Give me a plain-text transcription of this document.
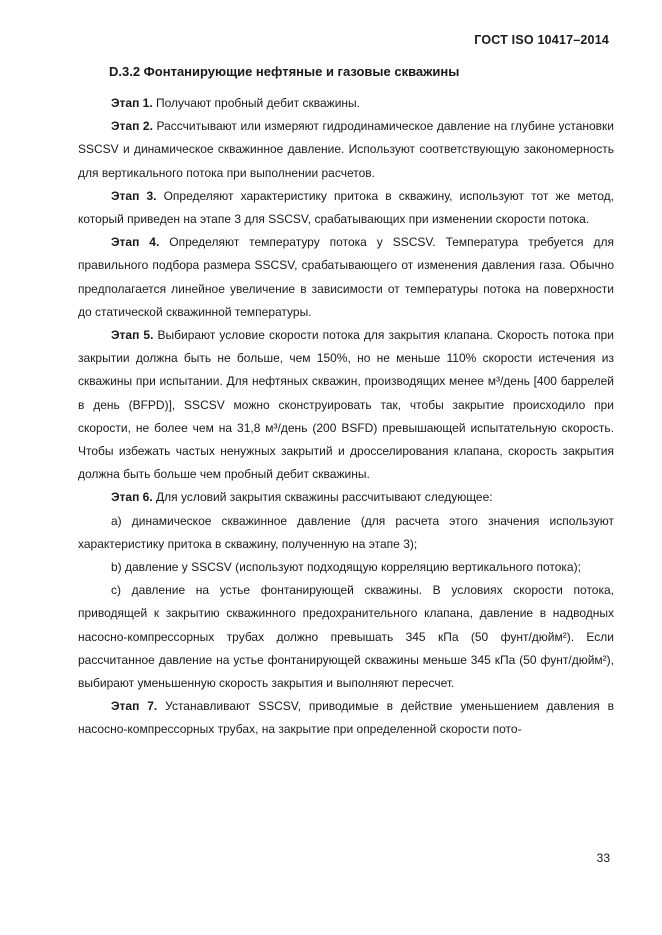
ГОСТ ISO 10417–2014
D.3.2 Фонтанирующие нефтяные и газовые скважины

Этап 1. Получают пробный дебит скважины.

Этап 2. Рассчитывают или измеряют гидродинамическое давление на глубине установки SSCSV и динамическое скважинное давление. Используют соответствующую закономерность для вертикального потока при выполнении расчетов.

Этап 3. Определяют характеристику притока в скважину, используют тот же метод, который приведен на этапе 3 для SSCSV, срабатывающих при изменении скорости потока.

Этап 4. Определяют температуру потока у SSCSV. Температура требуется для правильного подбора размера SSCSV, срабатывающего от изменения давления газа. Обычно предполагается линейное увеличение в зависимости от температуры потока на поверхности до статической скважинной температуры.

Этап 5. Выбирают условие скорости потока для закрытия клапана. Скорость потока при закрытии должна быть не больше, чем 150%, но не меньше 110% скорости истечения из скважины при испытании. Для нефтяных скважин, производящих менее м³/день [400 баррелей в день (BFPD)], SSCSV можно сконструировать так, чтобы закрытие происходило при скорости, не более чем на 31,8 м³/день (200 BSFD) превышающей испытательную скорость. Чтобы избежать частых ненужных закрытий и дросселирования клапана, скорость закрытия должна быть больше чем пробный дебит скважины.

Этап 6. Для условий закрытия скважины рассчитывают следующее:

a) динамическое скважинное давление (для расчета этого значения используют характеристику притока в скважину, полученную на этапе 3);

b) давление у SSCSV (используют подходящую корреляцию вертикального потока);

c) давление на устье фонтанирующей скважины. В условиях скорости потока, приводящей к закрытию скважинного предохранительного клапана, давление в надводных насосно-компрессорных трубах должно превышать 345 кПа (50 фунт/дюйм²). Если рассчитанное давление на устье фонтанирующей скважины меньше 345 кПа (50 фунт/дюйм²), выбирают уменьшенную скорость закрытия и выполняют пересчет.

Этап 7. Устанавливают SSCSV, приводимые в действие уменьшением давления в насосно-компрессорных трубах, на закрытие при определенной скорости пото-

33
